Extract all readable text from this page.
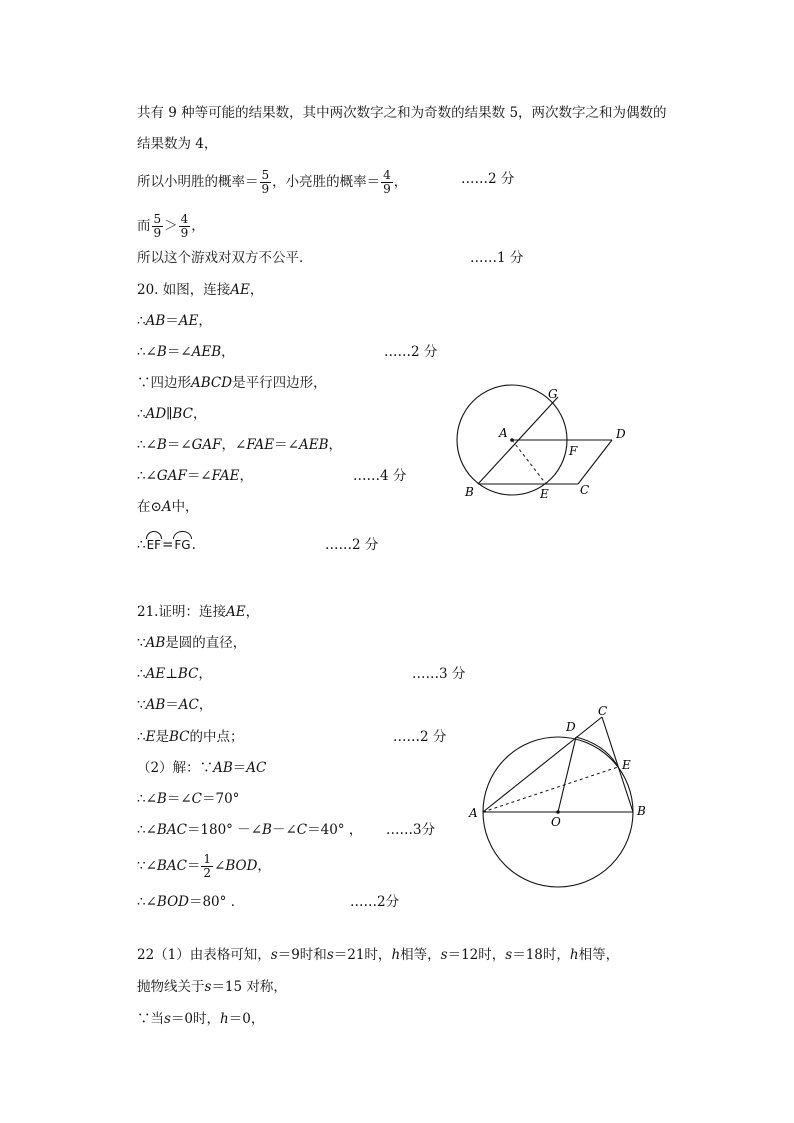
共有 9 种等可能的结果数，其中两次数字之和为奇数的结果数 5，两次数字之和为偶数的
结果数为 4，
所以小明胜的概率＝ $\frac{5}{9}$ ，小亮胜的概率＝ $\frac{4}{9}$ ，	……2 分
而 $\frac{5}{9} > \frac{4}{9}$ ，
所以这个游戏对双方不公平．	……1 分
20. 如图，连接AE，
∴AB＝AE，
∴∠B＝∠AEB，	……2 分
∵四边形ABCD是平行四边形，
∴AD∥BC，
∴∠B＝∠GAF，∠FAE＝∠AEB，
∴∠GAF＝∠FAE，	……4 分
在⊙A中，
∴EF=FG.	……2 分
G
A	D
F
B	E	C
21.证明：连接AE，
∵AB是圆的直径，
∴AE⊥BC，	……3 分
∵AB＝AC，
∴E是BC的中点；	……2 分
（2）解：∵AB＝AC
∴∠B＝∠C＝70°
∴∠BAC＝180° －∠B－∠C＝40° ， ……3分
∵∠BAC＝ $\frac{1}{2}$ ∠BOD，
∴∠BOD＝80° ．	……2分
C
D
E
A
O
B
22（1）由表格可知，s＝9时和s＝21时，h相等，s＝12时，s＝18时，h相等，
抛物线关于s＝15 对称，
∵当s＝0时，h＝0，
